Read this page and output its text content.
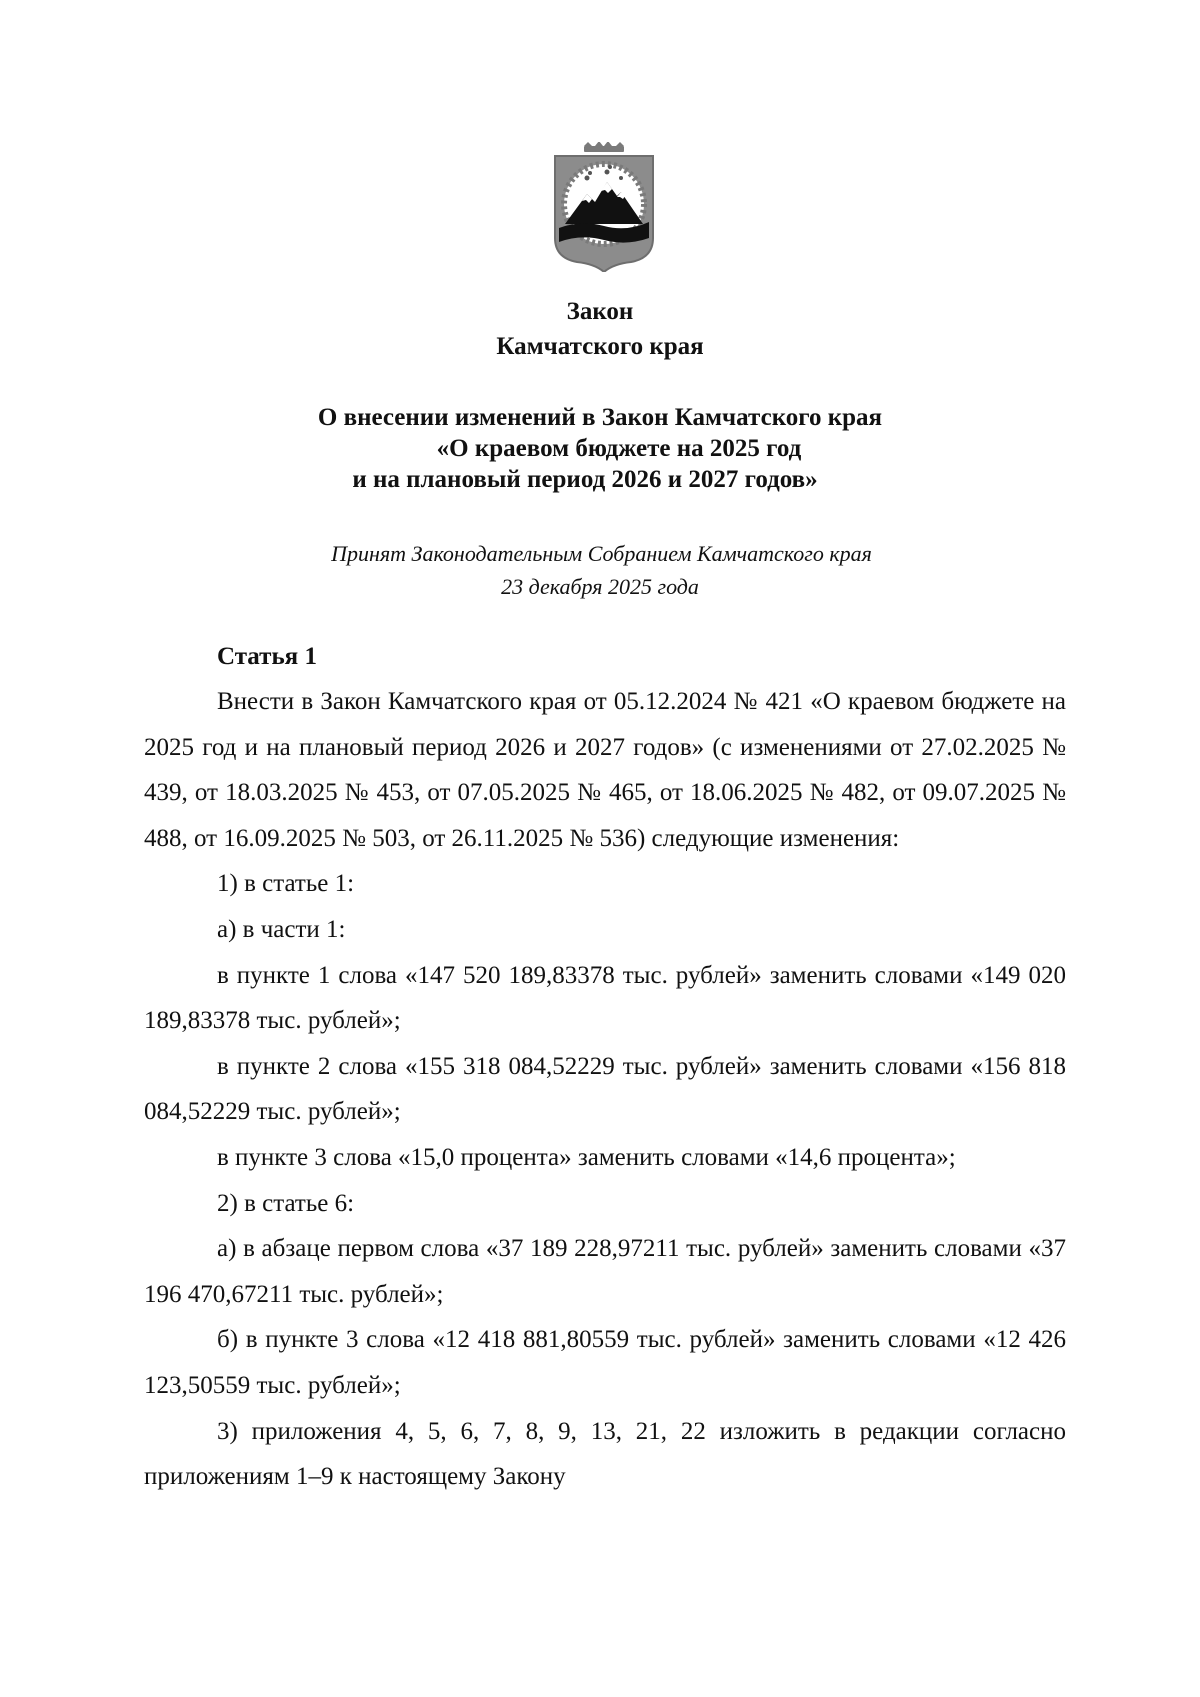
Закон
Камчатского края
О внесении изменений в Закон Камчатского края
«О краевом бюджете на 2025 год
и на плановый период 2026 и 2027 годов»
Принят Законодательным Собранием Камчатского края
23 декабря 2025 года
Статья 1

Внести в Закон Камчатского края от 05.12.2024 № 421 «О краевом бюджете на 2025 год и на плановый период 2026 и 2027 годов» (с изменениями от 27.02.2025 № 439, от 18.03.2025 № 453, от 07.05.2025 № 465, от 18.06.2025 № 482, от 09.07.2025 № 488, от 16.09.2025 № 503, от 26.11.2025 № 536) следующие изменения:

1) в статье 1:

а) в части 1:

в пункте 1 слова «147 520 189,83378 тыс. рублей» заменить словами «149 020 189,83378 тыс. рублей»;

в пункте 2 слова «155 318 084,52229 тыс. рублей» заменить словами «156 818 084,52229 тыс. рублей»;

в пункте 3 слова «15,0 процента» заменить словами «14,6 процента»;

2) в статье 6:

а) в абзаце первом слова «37 189 228,97211 тыс. рублей» заменить словами «37 196 470,67211 тыс. рублей»;

б) в пункте 3 слова «12 418 881,80559 тыс. рублей» заменить словами «12 426 123,50559 тыс. рублей»;

3) приложения 4, 5, 6, 7, 8, 9, 13, 21, 22 изложить в редакции согласно приложениям 1–9 к настоящему Закону
